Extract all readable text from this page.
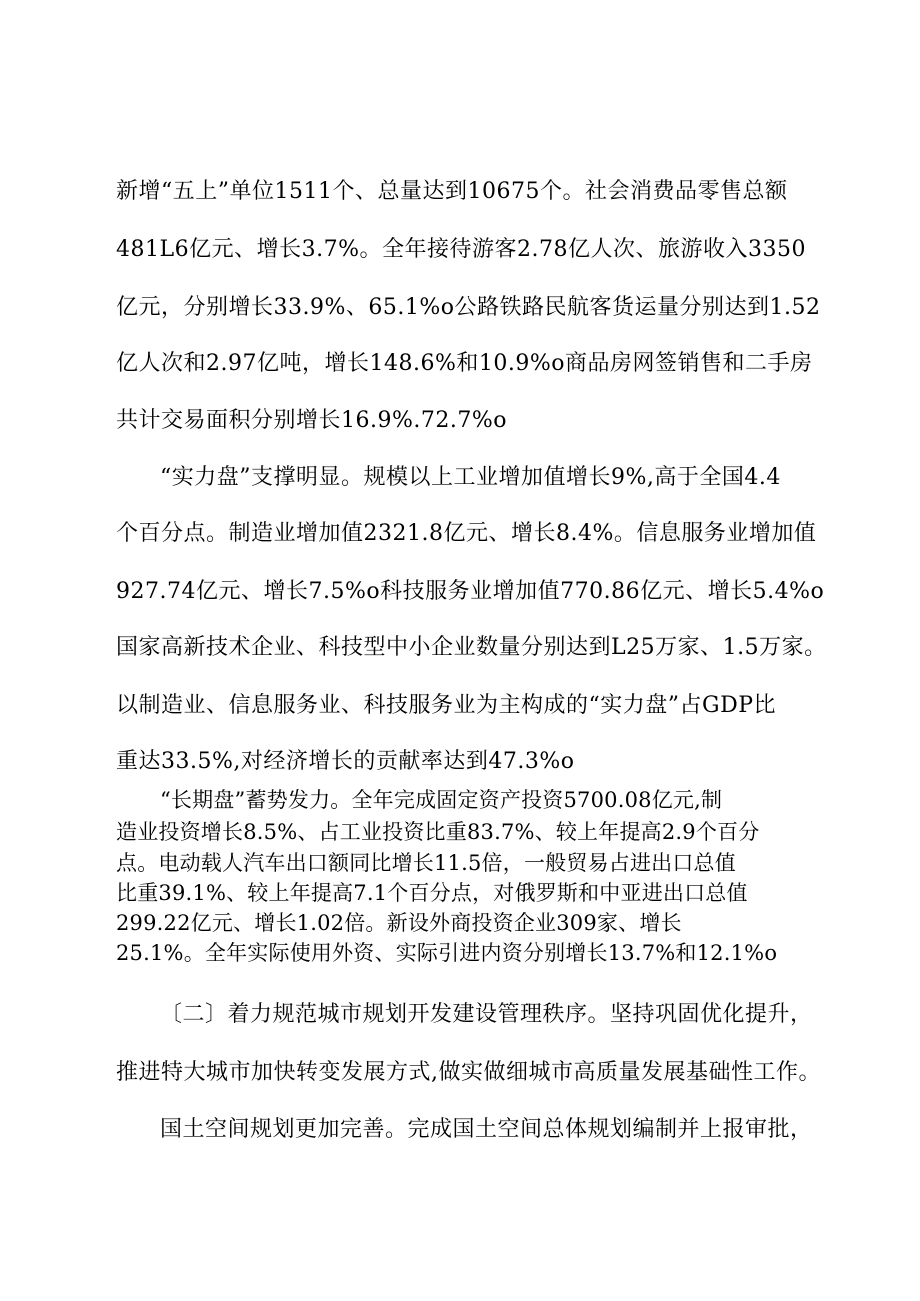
新增“五上”单位1511个、总量达到10675个。社会消费品零售总额
481L6亿元、增长3.7%。全年接待游客2.78亿人次、旅游收入3350
亿元，分别增长33.9%、65.1%o公路铁路民航客货运量分别达到1.52
亿人次和2.97亿吨，增长148.6%和10.9%o商品房网签销售和二手房
共计交易面积分别增长16.9%.72.7%o
“实力盘”支撑明显。规模以上工业增加值增长9%,高于全国4.4
个百分点。制造业增加值2321.8亿元、增长8.4%。信息服务业增加值
927.74亿元、增长7.5%o科技服务业增加值770.86亿元、增长5.4%o
国家高新技术企业、科技型中小企业数量分别达到L25万家、1.5万家。
以制造业、信息服务业、科技服务业为主构成的“实力盘”占GDP比
重达33.5%,对经济增长的贡献率达到47.3%o
“长期盘”蓄势发力。全年完成固定资产投资5700.08亿元,制
造业投资增长8.5%、占工业投资比重83.7%、较上年提高2.9个百分
点。电动载人汽车出口额同比增长11.5倍，一般贸易占进出口总值
比重39.1%、较上年提高7.1个百分点，对俄罗斯和中亚进出口总值
299.22亿元、增长1.02倍。新设外商投资企业309家、增长
25.1%。全年实际使用外资、实际引进内资分别增长13.7%和12.1%o
〔二〕着力规范城市规划开发建设管理秩序。坚持巩固优化提升，
推进特大城市加快转变发展方式,做实做细城市高质量发展基础性工作。
国土空间规划更加完善。完成国土空间总体规划编制并上报审批，
